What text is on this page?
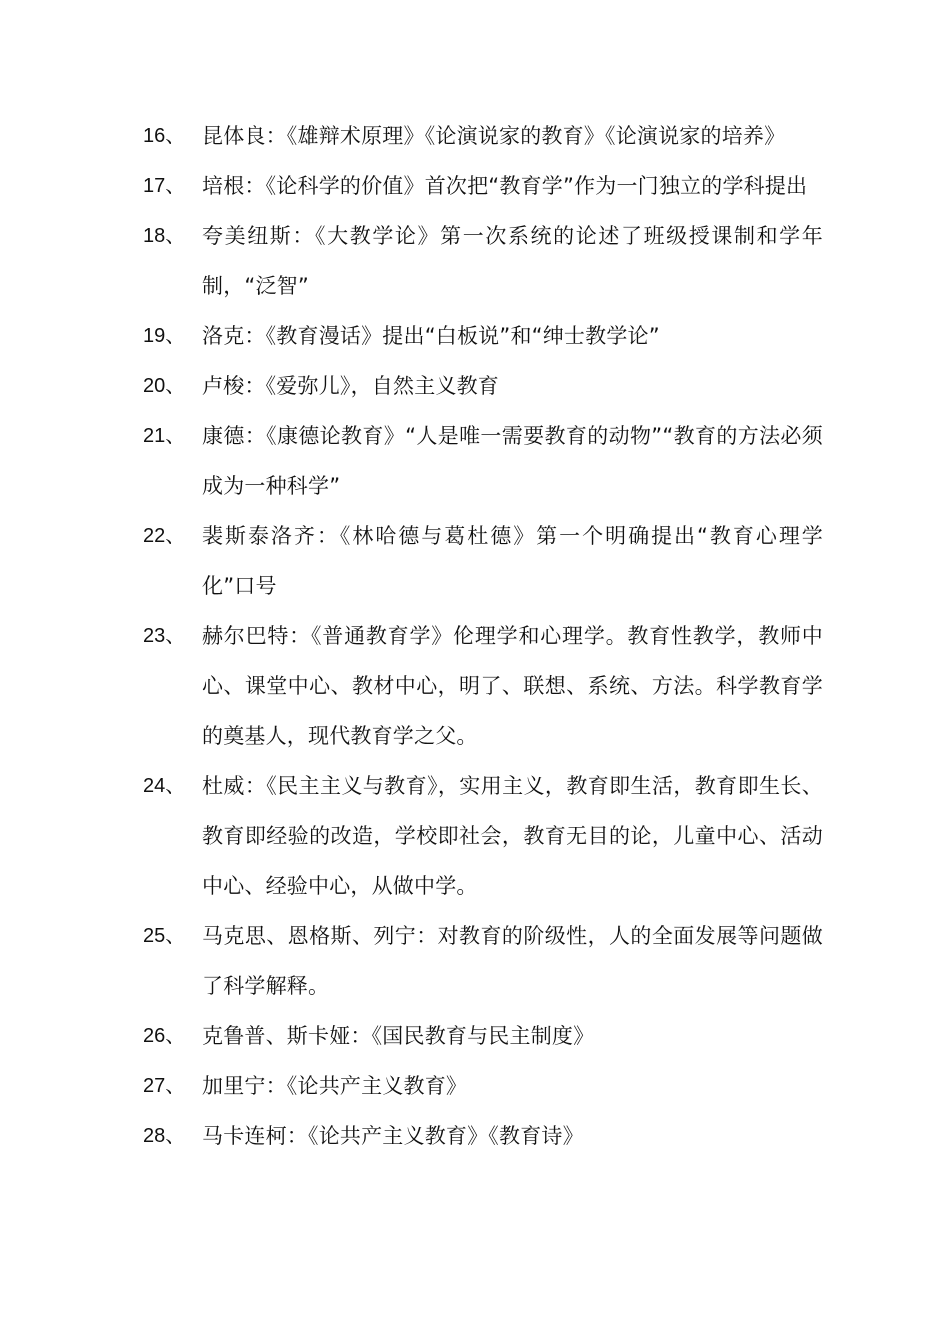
16、 昆体良：《雄辩术原理》《论演说家的教育》《论演说家的培养》
17、 培根：《论科学的价值》首次把“教育学”作为一门独立的学科提出
18、 夸美纽斯：《大教学论》第一次系统的论述了班级授课制和学年制，“泛智”
19、 洛克：《教育漫话》提出“白板说”和“绅士教学论”
20、 卢梭：《爱弥儿》，自然主义教育
21、 康德：《康德论教育》“人是唯一需要教育的动物”“教育的方法必须成为一种科学”
22、 裴斯泰洛齐：《林哈德与葛杜德》第一个明确提出“教育心理学化”口号
23、 赫尔巴特：《普通教育学》伦理学和心理学。教育性教学，教师中心、课堂中心、教材中心，明了、联想、系统、方法。科学教育学的奠基人，现代教育学之父。
24、 杜威：《民主主义与教育》，实用主义，教育即生活，教育即生长、教育即经验的改造，学校即社会，教育无目的论，儿童中心、活动中心、经验中心，从做中学。
25、 马克思、恩格斯、列宁：对教育的阶级性，人的全面发展等问题做了科学解释。
26、 克鲁普、斯卡娅：《国民教育与民主制度》
27、 加里宁：《论共产主义教育》
28、 马卡连柯：《论共产主义教育》《教育诗》
